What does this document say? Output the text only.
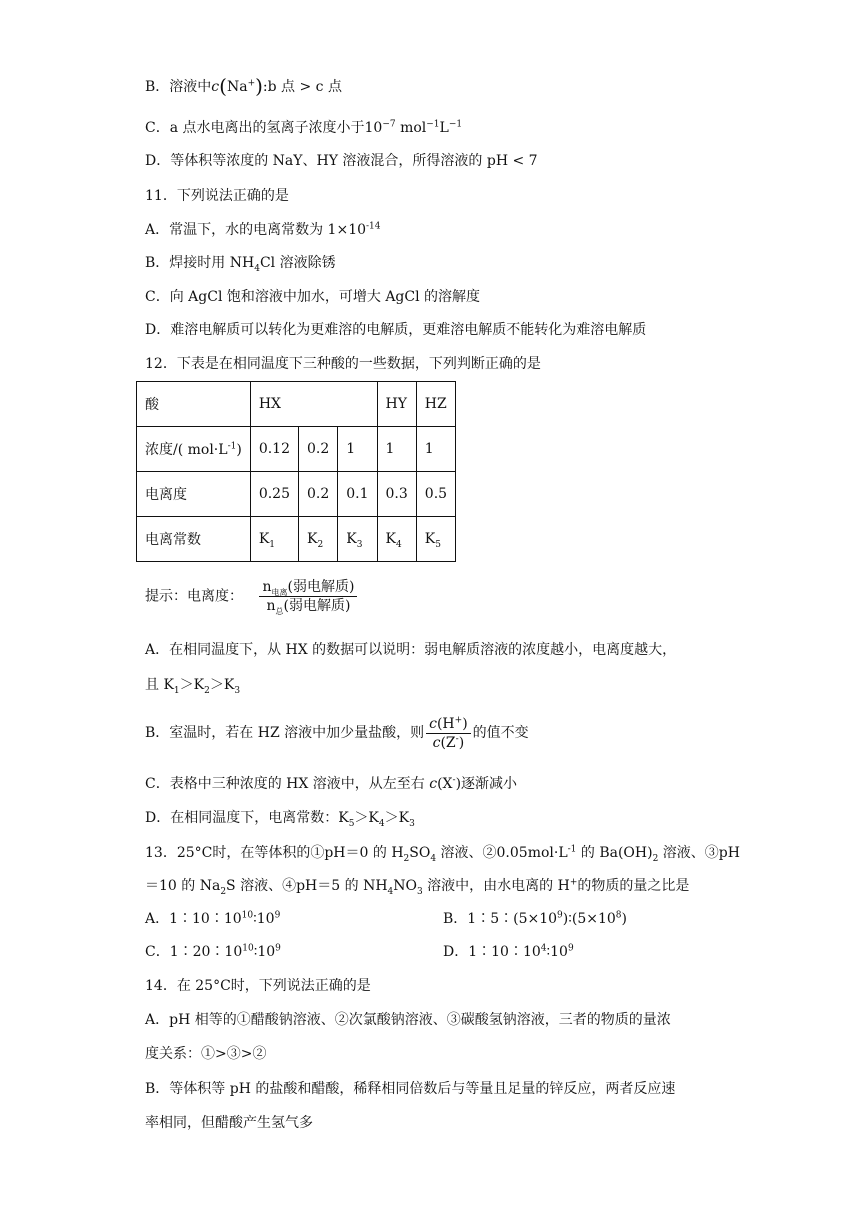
B．溶液中c(Na+):b 点 > c 点
C．a 点水电离出的氢离子浓度小于$10^{-7}$ $mol^{-1}L^{-1}$
D．等体积等浓度的 NaY、HY 溶液混合，所得溶液的 pH < 7
11．下列说法正确的是
A．常温下，水的电离常数为 $1\times 10^{-14}$
B．焊接时用 $NH_4Cl$ 溶液除锈
C．向 AgCl 饱和溶液中加水，可增大 AgCl 的溶解度
D．难溶电解质可以转化为更难溶的电解质，更难溶电解质不能转化为难溶电解质
12．下表是在相同温度下三种酸的一些数据，下列判断正确的是
酸	HX			HY	HZ
浓度/( $mol\cdot L^{-1}$)	0.12	0.2	1	1	1
电离度	0.25	0.2	0.1	0.3	0.5
电离常数	$K_1$	$K_2$	$K_3$	$K_4$	$K_5$
提示：电离度： $\frac{n_{电离}(弱电解质)}{n_总(弱电解质)}$
A．在相同温度下，从 HX 的数据可以说明：弱电解质溶液的浓度越小，电离度越大，
且 $K_1>K_2>K_3$
B．室温时，若在 HZ 溶液中加少量盐酸，则 $\frac{c(H^+)}{c(Z^-)}$ 的值不变
C．表格中三种浓度的 HX 溶液中，从左至右 c(X-)逐渐减小
D．在相同温度下，电离常数：$K_5>K_4>K_3$
13．25°C时，在等体积的①pH＝0 的 $H_2SO_4$ 溶液、$②0.05mol\cdot L^{-1}$ 的 $Ba(OH)_2$ 溶液、③pH
＝10 的 $Na_2S$ 溶液、④pH＝5 的 $NH_4NO_3$ 溶液中，由水电离的 H+的物质的量之比是
A．$1∶10∶10^{10}∶10^9$	B．$1∶5∶(5\times 10^9)∶(5\times 10^8)$
C．$1∶20∶10^{10}∶10^9$	D．$1∶10∶10^4∶10^9$
14．在 25°C时，下列说法正确的是
A．pH 相等的①醋酸钠溶液、②次氯酸钠溶液、③碳酸氢钠溶液，三者的物质的量浓
度关系：①>③>②
B．等体积等 pH 的盐酸和醋酸，稀释相同倍数后与等量且足量的锌反应，两者反应速
率相同，但醋酸产生氢气多
